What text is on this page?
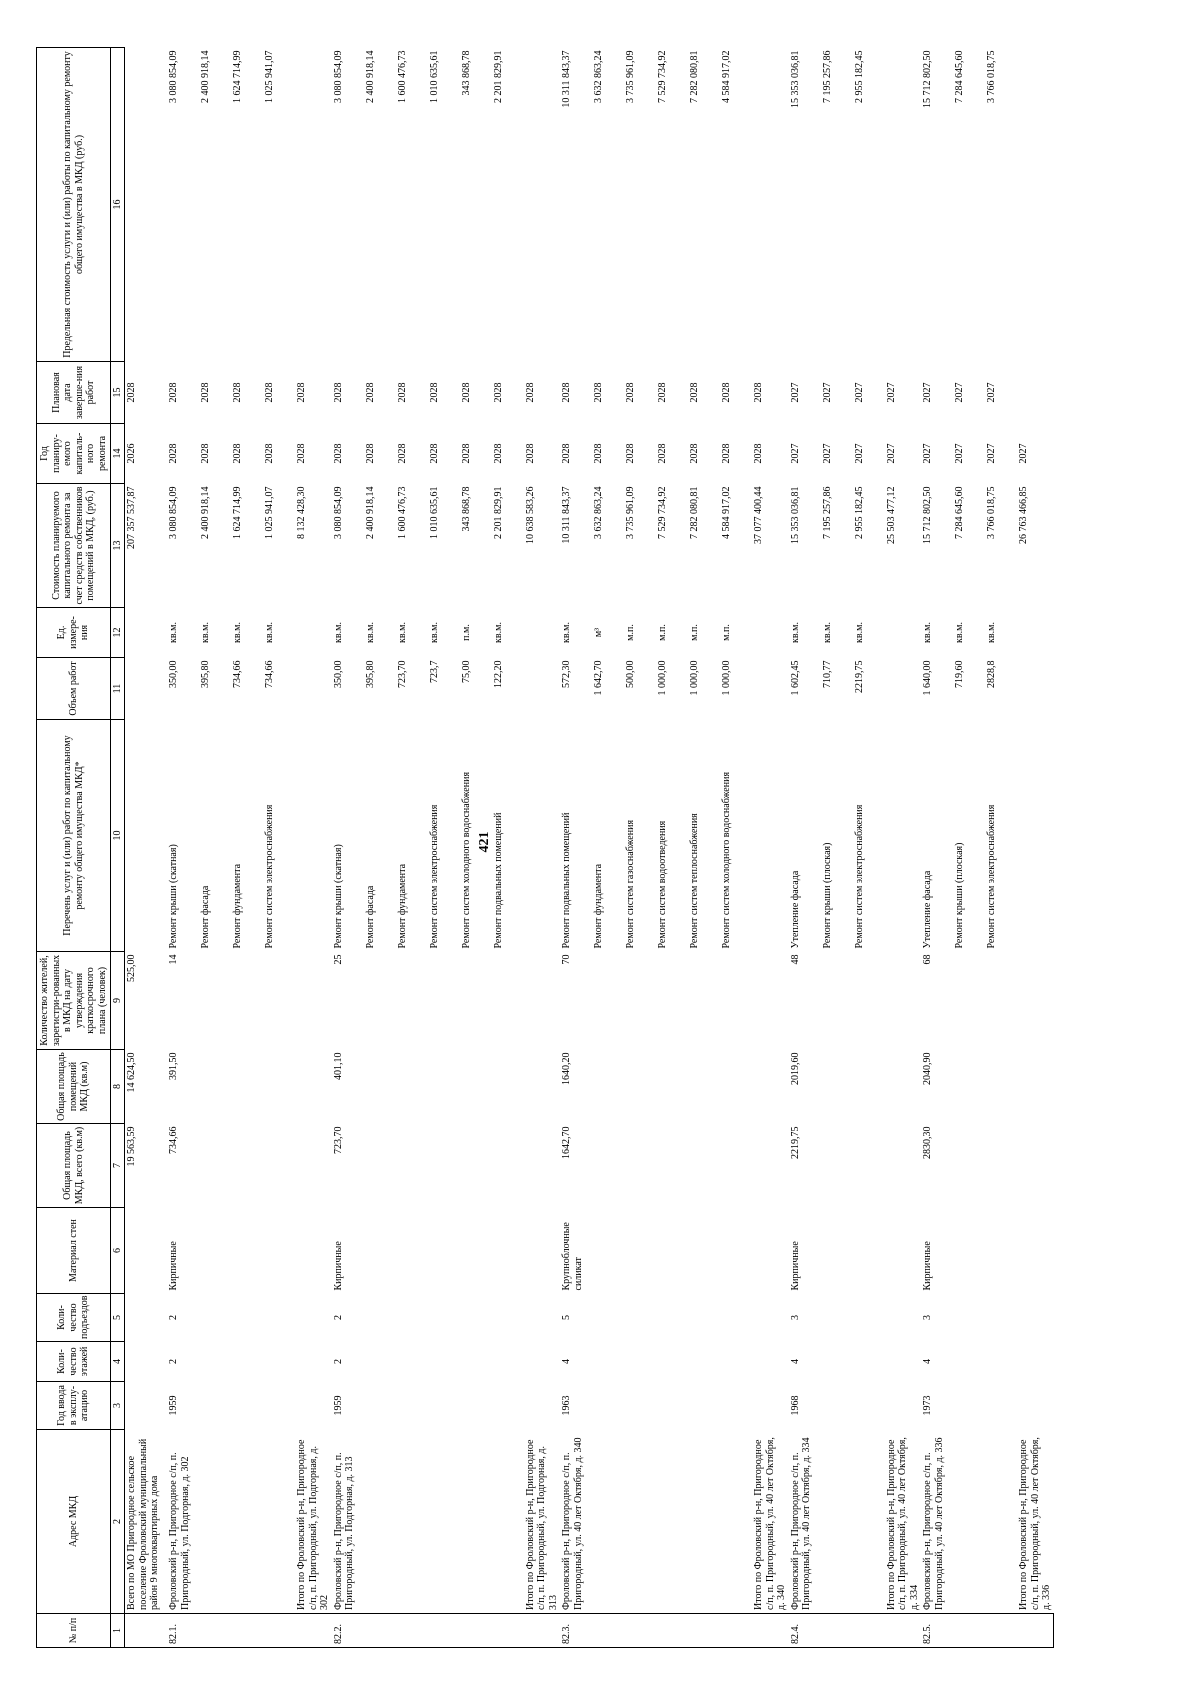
421
№ п/п	Адрес МКД	Год ввода в эксплу-атацию	Коли-чество этажей	Коли-чество подъездов	Материал стен	Общая площадь МКД, всего (кв.м)	Общая площадь помещений МКД (кв.м)	Количество жителей, зарегистри-рованных в МКД на дату утверждения краткосрочного плана (человек)	Перечень услуг и (или) работ по капитальному ремонту общего имущества МКД*	Объем работ	Ед. измере-ния	Стоимость планируемого капитального ремонта за счет средств собственников помещений в МКД, (руб.)	Год планиру-емого капиталь-ного ремонта	Плановая дата заверше-ния работ	Предельная стоимость услуги и (или) работы по капитальному ремонту общего имущества в МКД (руб.)
1	2	3	4	5	6	7	8	9	10	11	12	13	14	15	16
	Всего по МО Пригородное сельское поселение Фроловский муниципальный район 9 многоквартирных дома					19 563,59	14 624,50	525,00				207 357 537,87	2026	2028	
82.1.	Фроловский р-н, Пригородное с/п, п. Пригородный, ул. Подгорная, д. 302	1959	2	2	Кирпичные	734,66	391,50	14	Ремонт крыши (скатная)	350,00	кв.м.	3 080 854,09	2028	2028	3 080 854,09
									Ремонт фасада	395,80	кв.м.	2 400 918,14	2028	2028	2 400 918,14
									Ремонт фундамента	734,66	кв.м.	1 624 714,99	2028	2028	1 624 714,99
									Ремонт систем электроснабжения	734,66	кв.м.	1 025 941,07	2028	2028	1 025 941,07
	Итого по Фроловский р-н, Пригородное с/п, п. Пригородный, ул. Подгорная, д. 302											8 132 428,30	2028	2028	
82.2.	Фроловский р-н, Пригородное с/п, п. Пригородный, ул. Подгорная, д. 313	1959	2	2	Кирпичные	723,70	401,10	25	Ремонт крыши (скатная)	350,00	кв.м.	3 080 854,09	2028	2028	3 080 854,09
									Ремонт фасада	395,80	кв.м.	2 400 918,14	2028	2028	2 400 918,14
									Ремонт фундамента	723,70	кв.м.	1 600 476,73	2028	2028	1 600 476,73
									Ремонт систем электроснабжения	723,7	кв.м.	1 010 635,61	2028	2028	1 010 635,61
									Ремонт систем холодного водоснабжения	75,00	п.м.	343 868,78	2028	2028	343 868,78
									Ремонт подвальных помещений	122,20	кв.м.	2 201 829,91	2028	2028	2 201 829,91
	Итого по Фроловский р-н, Пригородное с/п, п. Пригородный, ул. Подгорная, д. 313											10 638 583,26	2028	2028	
82.3.	Фроловский р-н, Пригородное с/п, п. Пригородный, ул. 40 лет Октября, д. 340	1963	4	5	Крупноблочные силикат	1642,70	1640,20	70	Ремонт подвальных помещений	572,30	кв.м.	10 311 843,37	2028	2028	10 311 843,37
									Ремонт фундамента	1 642,70	м³	3 632 863,24	2028	2028	3 632 863,24
									Ремонт систем газоснабжения	500,00	м.п.	3 735 961,09	2028	2028	3 735 961,09
									Ремонт систем водоотведения	1 000,00	м.п.	7 529 734,92	2028	2028	7 529 734,92
									Ремонт систем теплоснабжения	1 000,00	м.п.	7 282 080,81	2028	2028	7 282 080,81
									Ремонт систем холодного водоснабжения	1 000,00	м.п.	4 584 917,02	2028	2028	4 584 917,02
	Итого по Фроловский р-н, Пригородное с/п, п. Пригородный, ул. 40 лет Октября, д. 340											37 077 400,44	2028	2028	
82.4.	Фроловский р-н, Пригородное с/п, п. Пригородный, ул. 40 лет Октября, д. 334	1968	4	3	Кирпичные	2219,75	2019,60	48	Утепление фасада	1 602,45	кв.м.	15 353 036,81	2027	2027	15 353 036,81
									Ремонт крыши (плоская)	710,77	кв.м.	7 195 257,86	2027	2027	7 195 257,86
									Ремонт систем электроснабжения	2219,75	кв.м.	2 955 182,45	2027	2027	2 955 182,45
	Итого по Фроловский р-н, Пригородное с/п, п. Пригородный, ул. 40 лет Октября, д. 334											25 503 477,12	2027	2027	
82.5.	Фроловский р-н, Пригородное с/п, п. Пригородный, ул. 40 лет Октября, д. 336	1973	4	3	Кирпичные	2830,30	2040,90	68	Утепление фасада	1 640,00	кв.м.	15 712 802,50	2027	2027	15 712 802,50
									Ремонт крыши (плоская)	719,60	кв.м.	7 284 645,60	2027	2027	7 284 645,60
									Ремонт систем электроснабжения	2828,8	кв.м.	3 766 018,75	2027	2027	3 766 018,75
	Итого по Фроловский р-н, Пригородное с/п, п. Пригородный, ул. 40 лет Октября, д. 336											26 763 466,85	2027		
